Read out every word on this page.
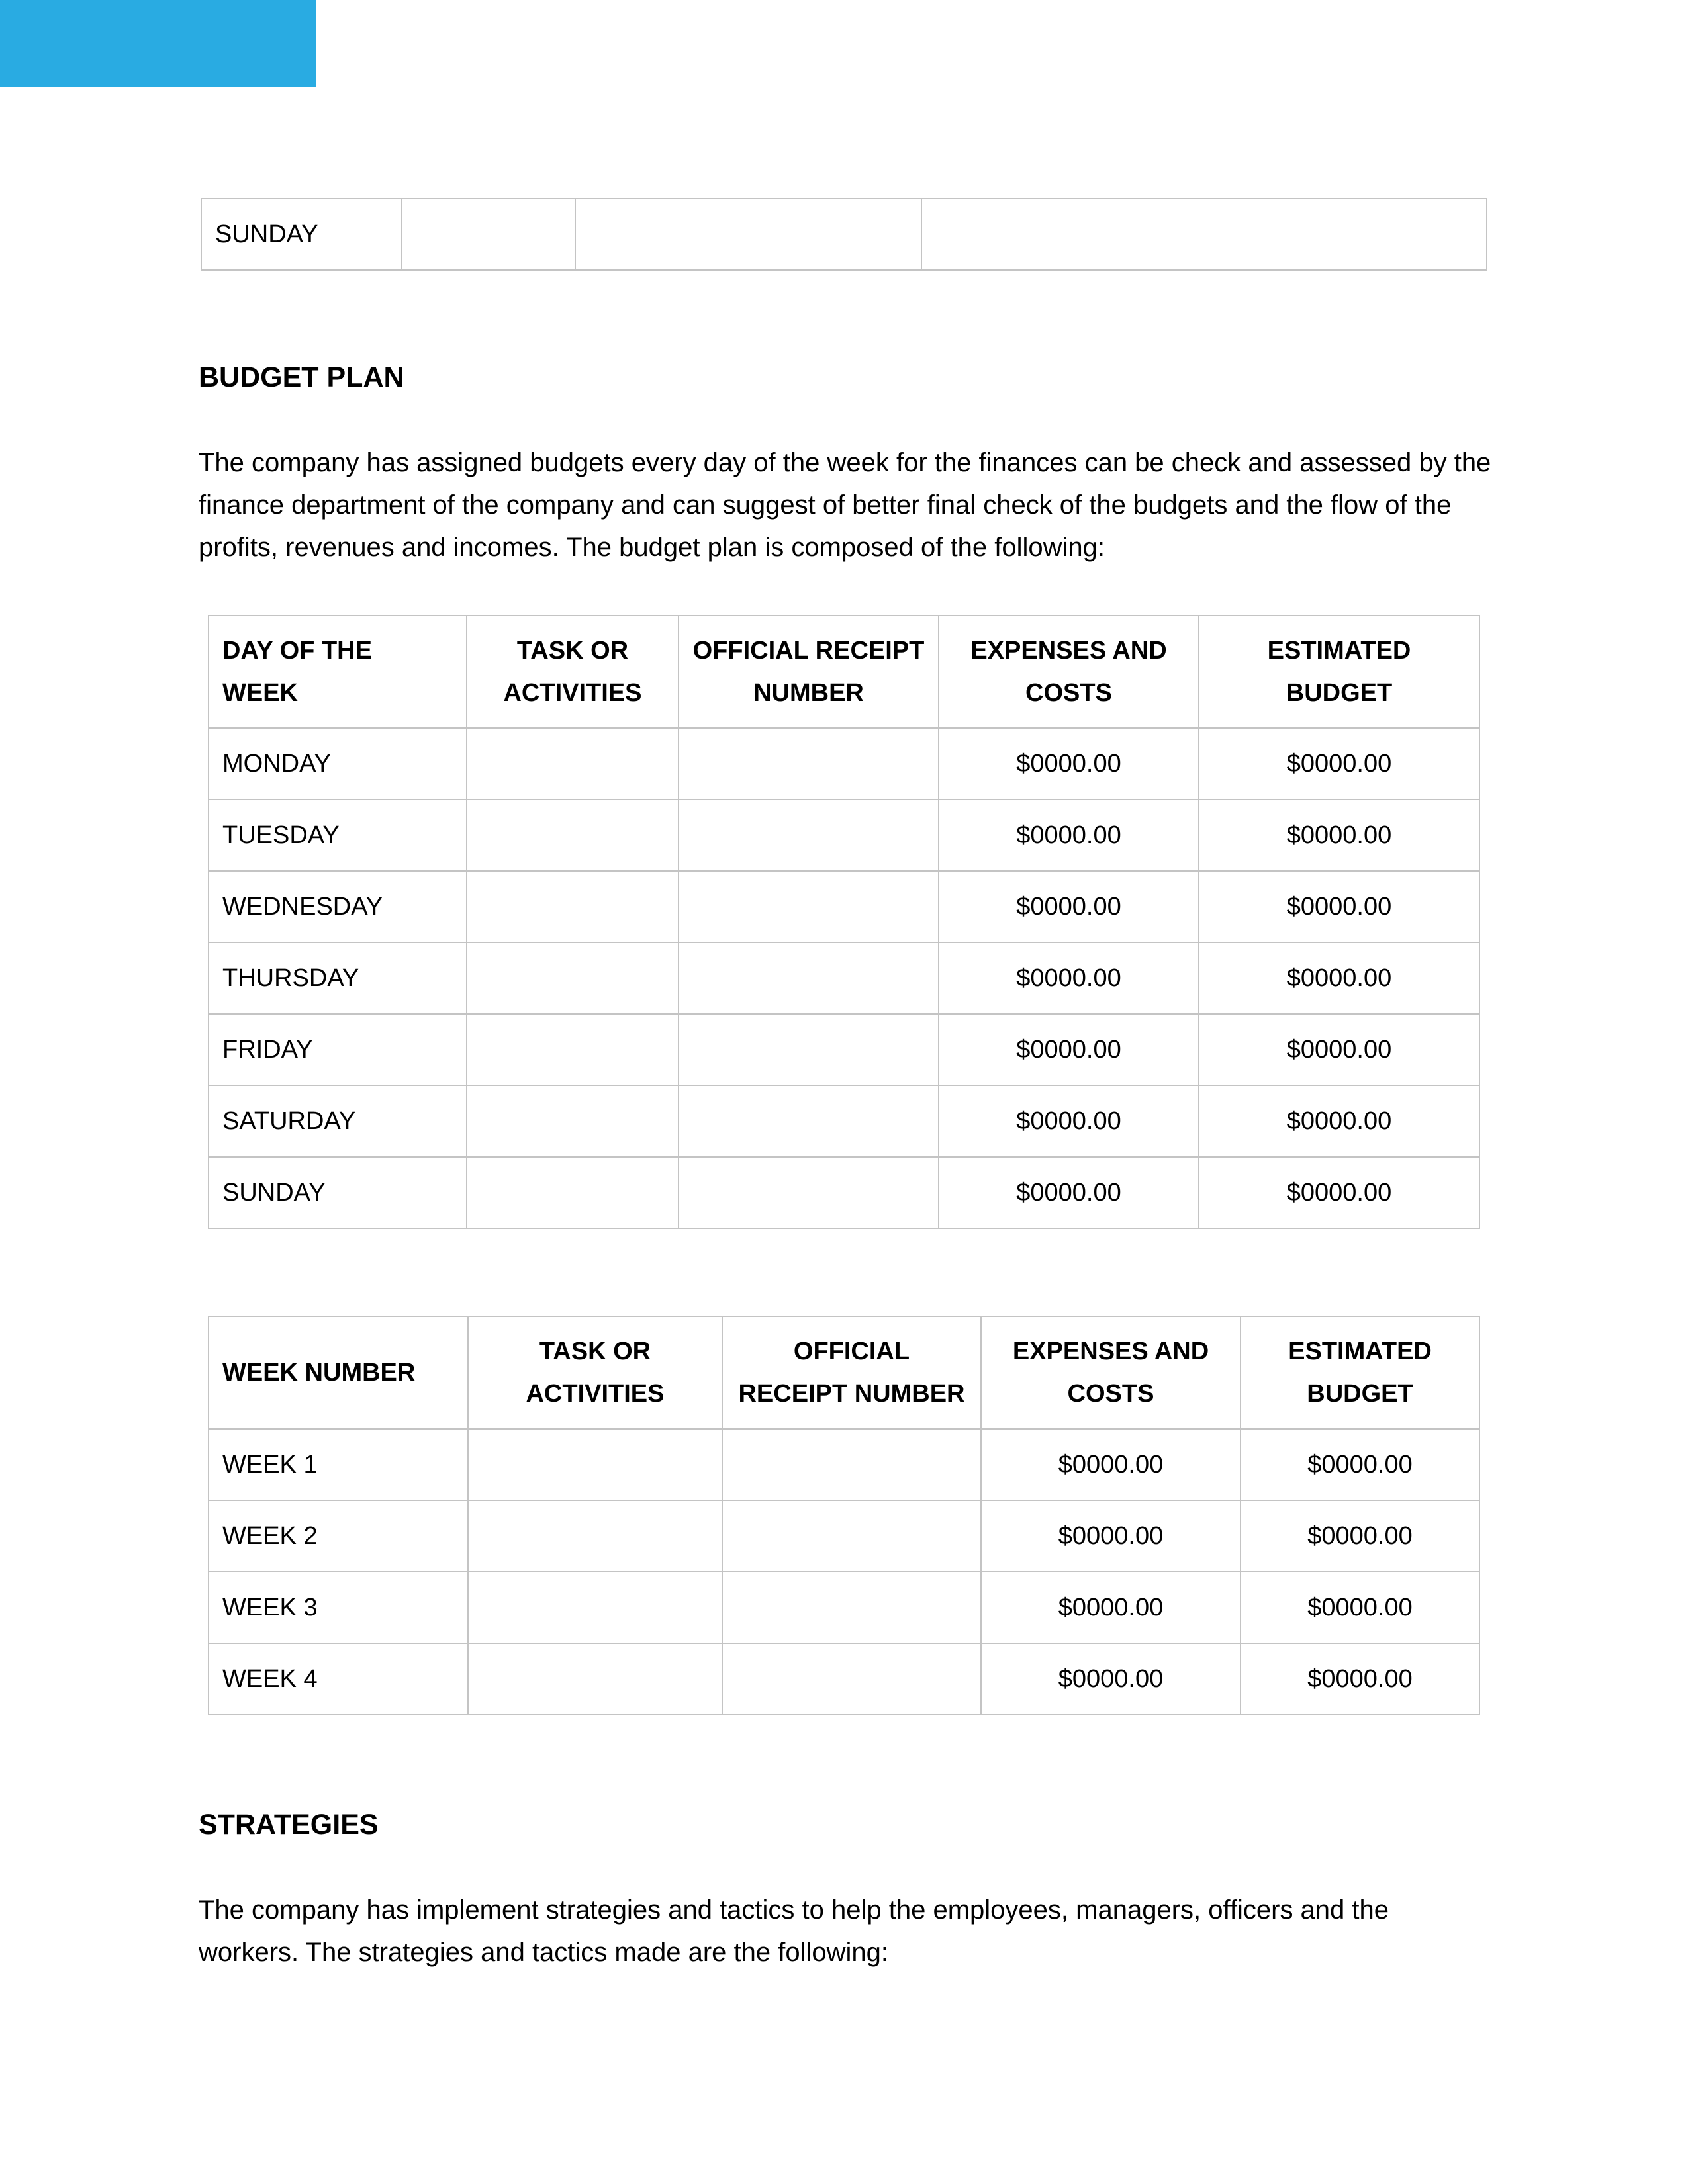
SUNDAY			

BUDGET PLAN

The company has assigned budgets every day of the week for the finances can be check and assessed by the finance department of the company and can suggest of better final check of the budgets and the flow of the profits, revenues and incomes. The budget plan is composed of the following:

DAY OF THE WEEK	TASK OR ACTIVITIES	OFFICIAL RECEIPT NUMBER	EXPENSES AND COSTS	ESTIMATED BUDGET
MONDAY			$0000.00	$0000.00
TUESDAY			$0000.00	$0000.00
WEDNESDAY			$0000.00	$0000.00
THURSDAY			$0000.00	$0000.00
FRIDAY			$0000.00	$0000.00
SATURDAY			$0000.00	$0000.00
SUNDAY			$0000.00	$0000.00
WEEK NUMBER	TASK OR ACTIVITIES	OFFICIAL RECEIPT NUMBER	EXPENSES AND COSTS	ESTIMATED BUDGET
WEEK 1			$0000.00	$0000.00
WEEK 2			$0000.00	$0000.00
WEEK 3			$0000.00	$0000.00
WEEK 4			$0000.00	$0000.00

STRATEGIES

The company has implement strategies and tactics to help the employees, managers, officers and the workers. The strategies and tactics made are the following:
